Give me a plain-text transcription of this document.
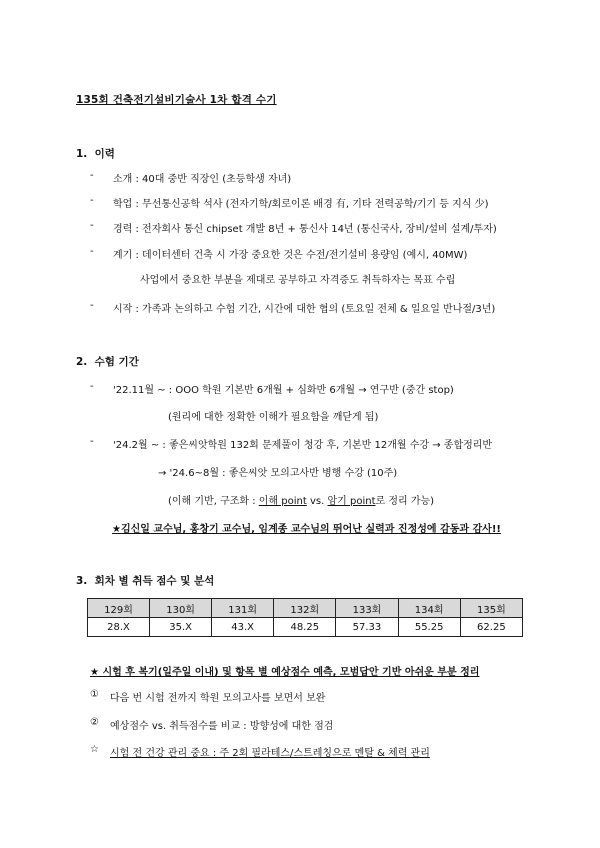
135회 건축전기설비기술사 1차 합격 수기
1. 이력
- 소개 : 40대 중반 직장인 (초등학생 자녀)
- 학업 : 무선통신공학 석사 (전자기학/회로이론 배경 有, 기타 전력공학/기기 등 지식 少)
- 경력 : 전자회사 통신 chipset 개발 8년 + 통신사 14년 (통신국사, 장비/설비 설계/투자)
- 계기 : 데이터센터 건축 시 가장 중요한 것은 수전/전기설비 용량임 (예시, 40MW)
사업에서 중요한 부분을 제대로 공부하고 자격증도 취득하자는 목표 수립
- 시작 : 가족과 논의하고 수험 기간, 시간에 대한 협의 (토요일 전체 & 일요일 반나절/3년)
2. 수험 기간
- '22.11월 ~ : OOO 학원 기본반 6개월 + 심화반 6개월 → 연구반 (중간 stop)
(원리에 대한 정확한 이해가 필요함을 깨닫게 됨)
- '24.2월 ~ : 좋은씨앗학원 132회 문제풀이 청강 후, 기본반 12개월 수강 → 종합정리반
→ '24.6~8월 : 좋은씨앗 모의고사반 병행 수강 (10주)
(이해 기반, 구조화 : 이해 point vs. 암기 point로 정리 가능)
★김신일 교수님, 홍창기 교수님, 임계종 교수님의 뛰어난 실력과 진정성에 감동과 감사!!
3. 회차 별 취득 점수 및 분석
129회	130회	131회	132회	133회	134회	135회
28.X	35.X	43.X	48.25	57.33	55.25	62.25
★ 시험 후 복기(일주일 이내) 및 항목 별 예상점수 예측, 모범답안 기반 아쉬운 부분 정리
① 다음 번 시험 전까지 학원 모의고사를 보면서 보완
② 예상점수 vs. 취득점수를 비교 : 방향성에 대한 점검
☆ 시험 전 건강 관리 중요 : 주 2회 필라테스/스트레칭으로 멘탈 & 체력 관리
